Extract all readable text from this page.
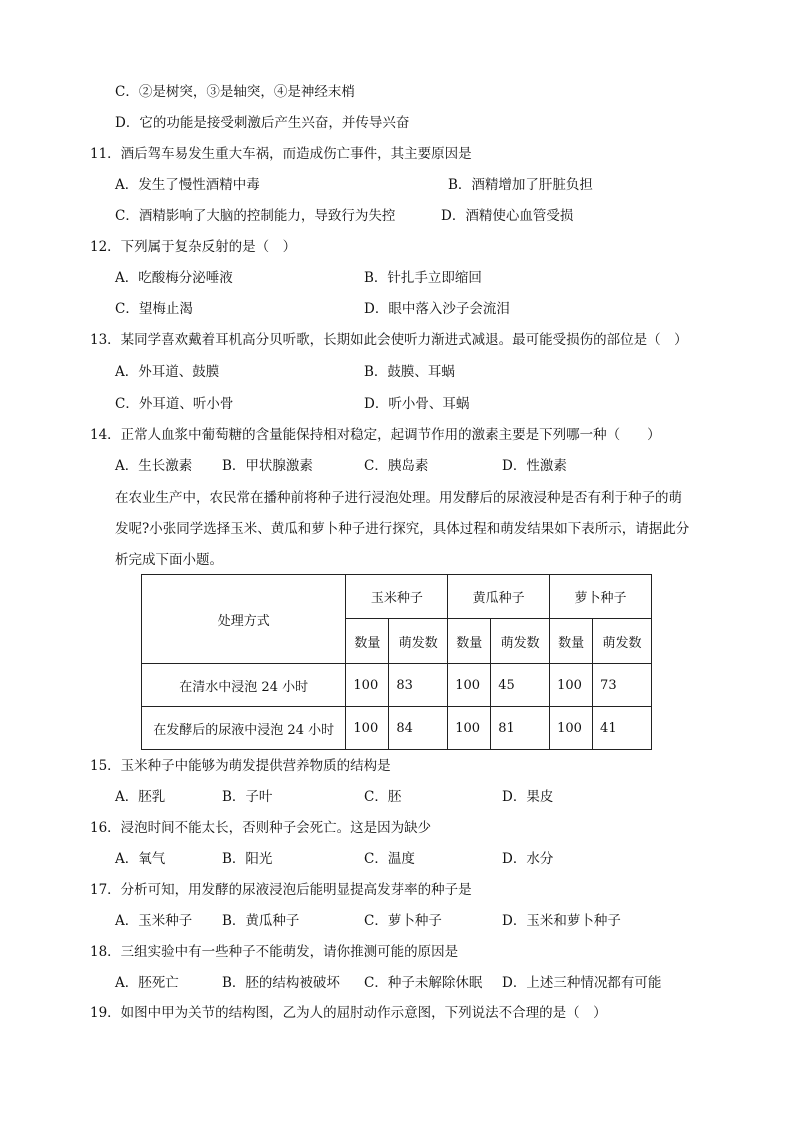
C．②是树突，③是轴突，④是神经末梢
D．它的功能是接受刺激后产生兴奋，并传导兴奋
11．酒后驾车易发生重大车祸，而造成伤亡事件，其主要原因是
A．发生了慢性酒精中毒	B．酒精增加了肝脏负担
C．酒精影响了大脑的控制能力，导致行为失控	D．酒精使心血管受损
12．下列属于复杂反射的是（　）
A．吃酸梅分泌唾液	B．针扎手立即缩回
C．望梅止渴	D．眼中落入沙子会流泪
13．某同学喜欢戴着耳机高分贝听歌，长期如此会使听力渐进式减退。最可能受损伤的部位是（　）
A．外耳道、鼓膜	B．鼓膜、耳蜗
C．外耳道、听小骨	D．听小骨、耳蜗
14．正常人血浆中葡萄糖的含量能保持相对稳定，起调节作用的激素主要是下列哪一种（　　）
A．生长激素 B．甲状腺激素	C．胰岛素	D．性激素
在农业生产中，农民常在播种前将种子进行浸泡处理。用发酵后的尿液浸种是否有利于种子的萌
发呢?小张同学选择玉米、黄瓜和萝卜种子进行探究，具体过程和萌发结果如下表所示，请据此分
析完成下面小题。
处理方式	玉米种子		黄瓜种子		萝卜种子	
	数量	萌发数	数量	萌发数	数量	萌发数
在清水中浸泡 24 小时	100	83	100	45	100	73
在发酵后的尿液中浸泡 24 小时	100	84	100	81	100	41
15．玉米种子中能够为萌发提供营养物质的结构是
A．胚乳	B．子叶	C．胚	D．果皮
16．浸泡时间不能太长，否则种子会死亡。这是因为缺少
A．氧气	B．阳光	C．温度	D．水分
17．分析可知，用发酵的尿液浸泡后能明显提高发芽率的种子是
A．玉米种子 B．黄瓜种子	C．萝卜种子	D．玉米和萝卜种子
18．三组实验中有一些种子不能萌发，请你推测可能的原因是
A．胚死亡	B．胚的结构被破坏 C．种子未解除休眠 D．上述三种情况都有可能
19．如图中甲为关节的结构图，乙为人的屈肘动作示意图，下列说法不合理的是（　）
